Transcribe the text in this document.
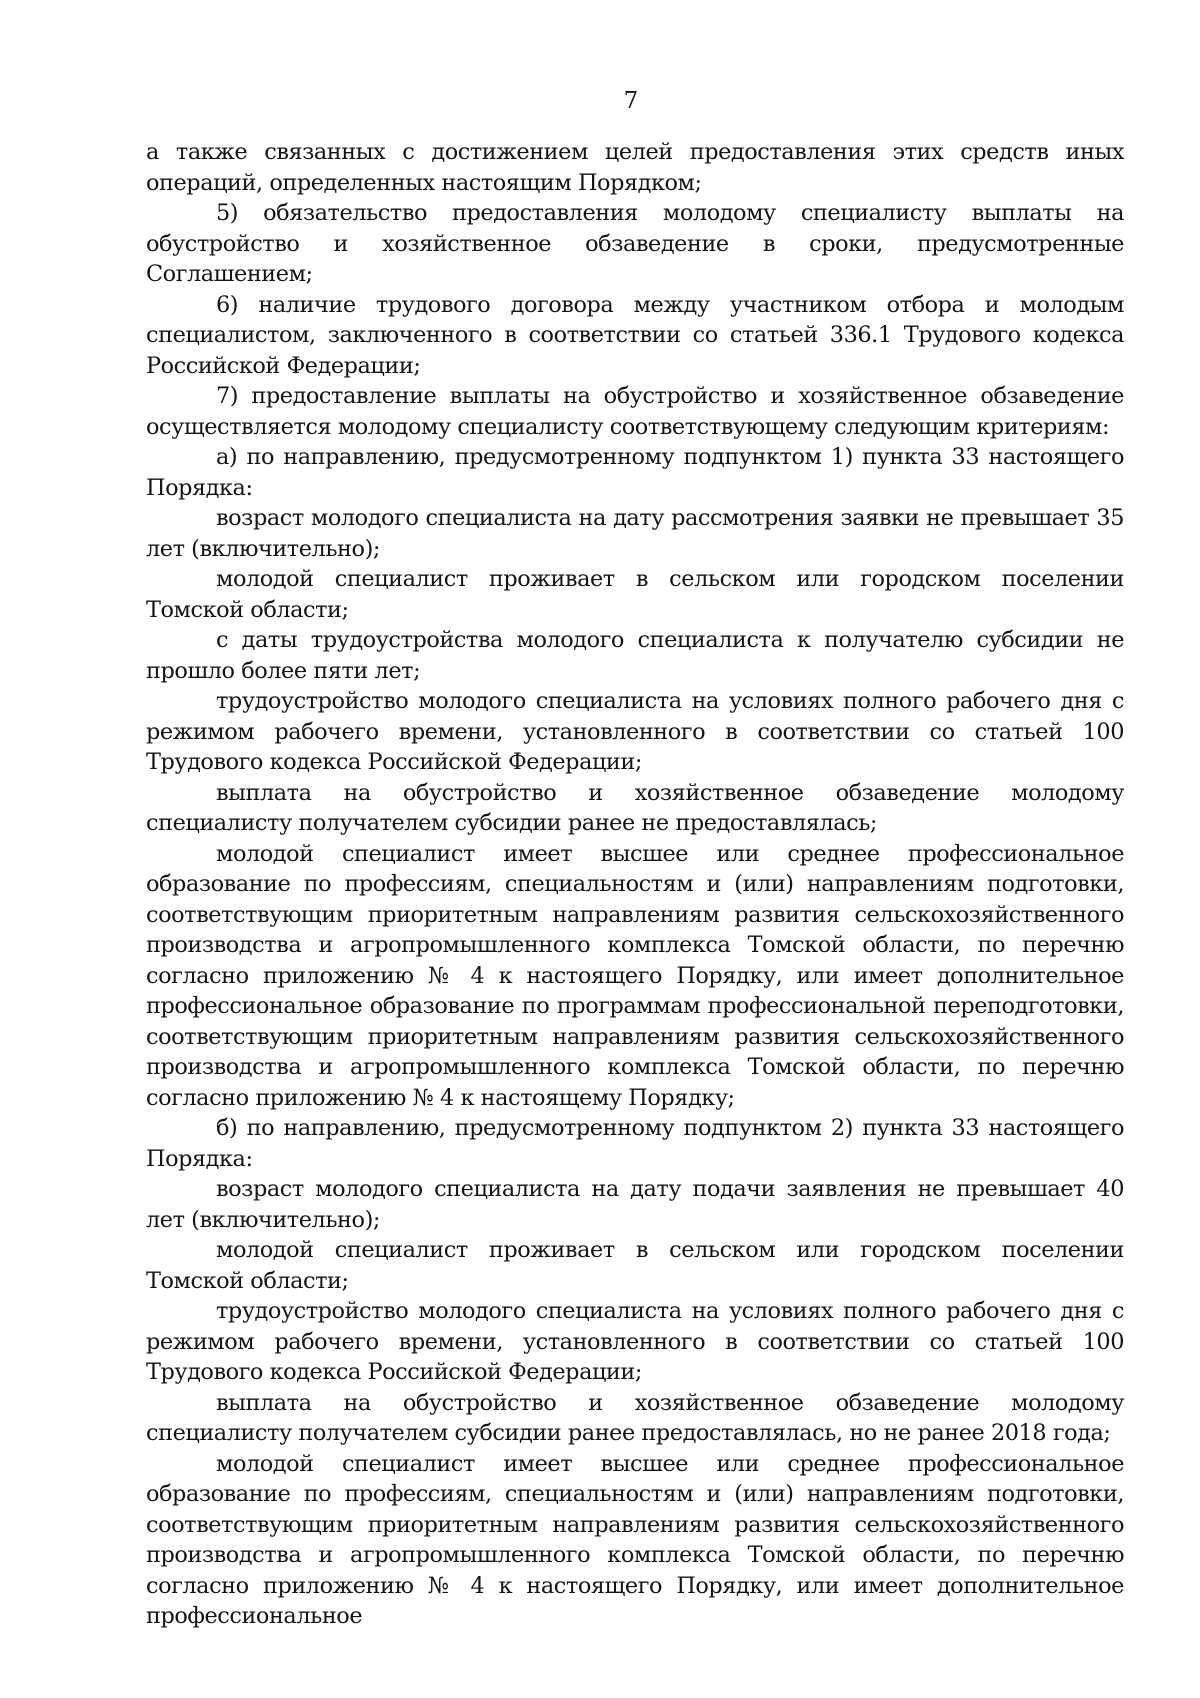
7

а также связанных с достижением целей предоставления этих средств иных операций, определенных настоящим Порядком;

5) обязательство предоставления молодому специалисту выплаты на обустройство и хозяйственное обзаведение в сроки, предусмотренные Соглашением;

6) наличие трудового договора между участником отбора и молодым специалистом, заключенного в соответствии со статьей 336.1 Трудового кодекса Российской Федерации;

7) предоставление выплаты на обустройство и хозяйственное обзаведение осуществляется молодому специалисту соответствующему следующим критериям:

а) по направлению, предусмотренному подпунктом 1) пункта 33 настоящего Порядка:

возраст молодого специалиста на дату рассмотрения заявки не превышает 35 лет (включительно);

молодой специалист проживает в сельском или городском поселении Томской области;

с даты трудоустройства молодого специалиста к получателю субсидии не прошло более пяти лет;

трудоустройство молодого специалиста на условиях полного рабочего дня с режимом рабочего времени, установленного в соответствии со статьей 100 Трудового кодекса Российской Федерации;

выплата на обустройство и хозяйственное обзаведение молодому специалисту получателем субсидии ранее не предоставлялась;

молодой специалист имеет высшее или среднее профессиональное образование по профессиям, специальностям и (или) направлениям подготовки, соответствующим приоритетным направлениям развития сельскохозяйственного производства и агропромышленного комплекса Томской области, по перечню согласно приложению № 4 к настоящего Порядку, или имеет дополнительное профессиональное образование по программам профессиональной переподготовки, соответствующим приоритетным направлениям развития сельскохозяйственного производства и агропромышленного комплекса Томской области, по перечню согласно приложению № 4 к настоящему Порядку;

б) по направлению, предусмотренному подпунктом 2) пункта 33 настоящего Порядка:

возраст молодого специалиста на дату подачи заявления не превышает 40 лет (включительно);

молодой специалист проживает в сельском или городском поселении Томской области;

трудоустройство молодого специалиста на условиях полного рабочего дня с режимом рабочего времени, установленного в соответствии со статьей 100 Трудового кодекса Российской Федерации;

выплата на обустройство и хозяйственное обзаведение молодому специалисту получателем субсидии ранее предоставлялась, но не ранее 2018 года;

молодой специалист имеет высшее или среднее профессиональное образование по профессиям, специальностям и (или) направлениям подготовки, соответствующим приоритетным направлениям развития сельскохозяйственного производства и агропромышленного комплекса Томской области, по перечню согласно приложению № 4 к настоящего Порядку, или имеет дополнительное профессиональное
